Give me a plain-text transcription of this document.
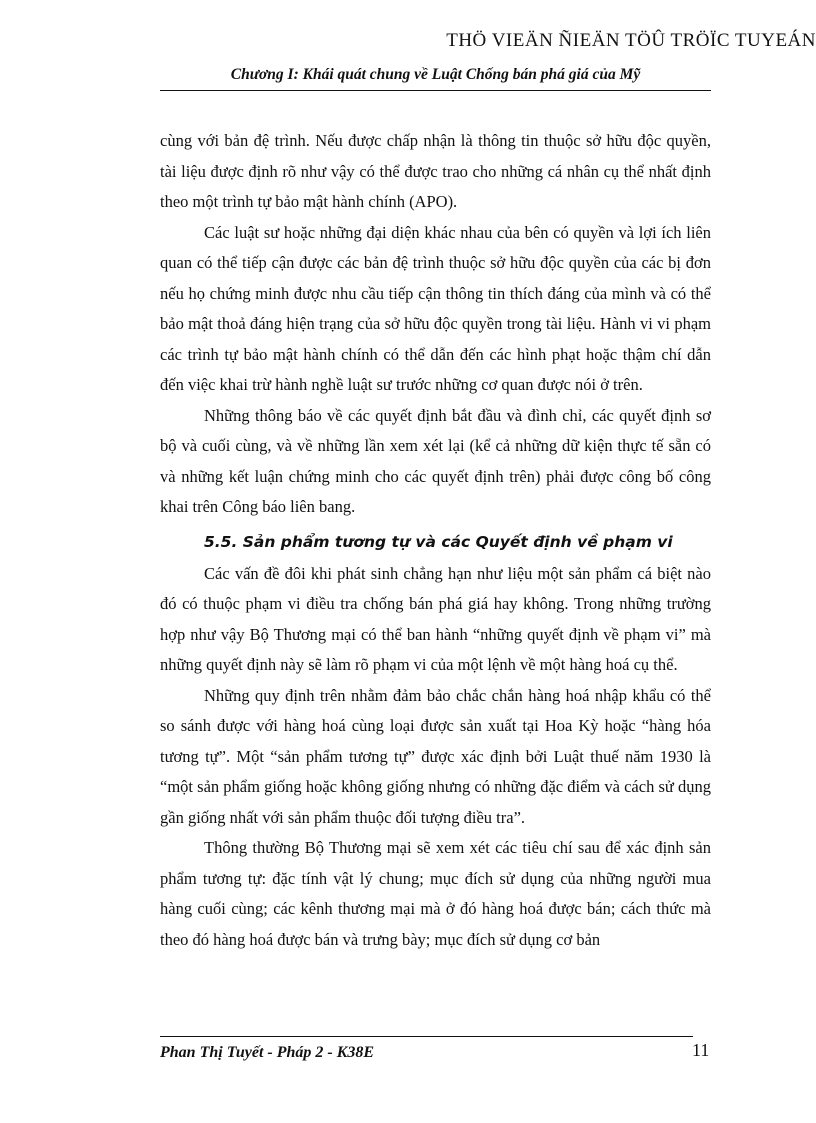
THÖ VIEÄN ÑIEÄN TÖÛ TRÖÏC TUYEÁN
Chương I: Khái quát chung về Luật Chống bán phá giá của Mỹ

cùng với bản đệ trình. Nếu được chấp nhận là thông tin thuộc sở hữu độc quyền, tài liệu được định rõ như vậy có thể được trao cho những cá nhân cụ thể nhất định theo một trình tự bảo mật hành chính (APO).

Các luật sư hoặc những đại diện khác nhau của bên có quyền và lợi ích liên quan có thể tiếp cận được các bản đệ trình thuộc sở hữu độc quyền của các bị đơn nếu họ chứng minh được nhu cầu tiếp cận thông tin thích đáng của mình và có thể bảo mật thoả đáng hiện trạng của sở hữu độc quyền trong tài liệu. Hành vi vi phạm các trình tự bảo mật hành chính có thể dẫn đến các hình phạt hoặc thậm chí dẫn đến việc khai trừ hành nghề luật sư trước những cơ quan được nói ở trên.

Những thông báo về các quyết định bắt đầu và đình chỉ, các quyết định sơ bộ và cuối cùng, và về những lần xem xét lại (kể cả những dữ kiện thực tế sẵn có và những kết luận chứng minh cho các quyết định trên) phải được công bố công khai trên Công báo liên bang.

5.5. Sản phẩm tương tự và các Quyết định về phạm vi

Các vấn đề đôi khi phát sinh chẳng hạn như liệu một sản phẩm cá biệt nào đó có thuộc phạm vi điều tra chống bán phá giá hay không. Trong những trường hợp như vậy Bộ Thương mại có thể ban hành “những quyết định về phạm vi” mà những quyết định này sẽ làm rõ phạm vi của một lệnh về một hàng hoá cụ thể.

Những quy định trên nhằm đảm bảo chắc chắn hàng hoá nhập khẩu có thể so sánh được với hàng hoá cùng loại được sản xuất tại Hoa Kỳ hoặc “hàng hóa tương tự”. Một “sản phẩm tương tự” được xác định bởi Luật thuế năm 1930 là “một sản phẩm giống hoặc không giống nhưng có những đặc điểm và cách sử dụng gần giống nhất với sản phẩm thuộc đối tượng điều tra”.

Thông thường Bộ Thương mại sẽ xem xét các tiêu chí sau để xác định sản phẩm tương tự: đặc tính vật lý chung; mục đích sử dụng của những người mua hàng cuối cùng; các kênh thương mại mà ở đó hàng hoá được bán; cách thức mà theo đó hàng hoá được bán và trưng bày; mục đích sử dụng cơ bản

Phan Thị Tuyết - Pháp 2 - K38E	11
